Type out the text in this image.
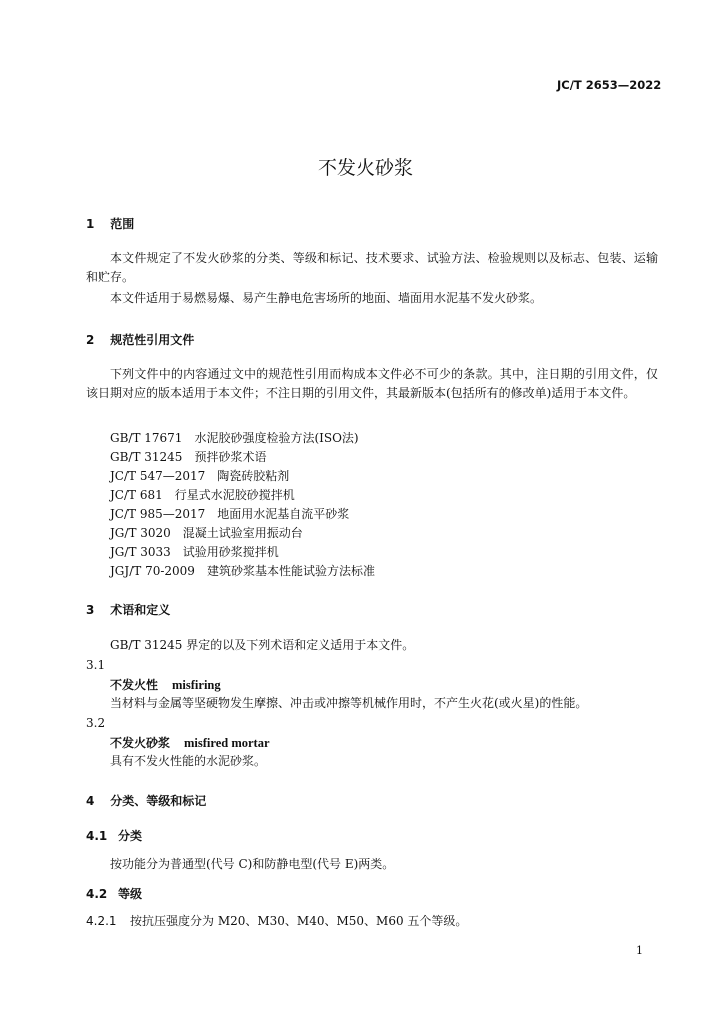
JC/T 2653—2022
不发火砂浆
1 范围
本文件规定了不发火砂浆的分类、等级和标记、技术要求、试验方法、检验规则以及标志、包装、运输和贮存。
本文件适用于易燃易爆、易产生静电危害场所的地面、墙面用水泥基不发火砂浆。
2 规范性引用文件
下列文件中的内容通过文中的规范性引用而构成本文件必不可少的条款。其中，注日期的引用文件，仅该日期对应的版本适用于本文件；不注日期的引用文件，其最新版本(包括所有的修改单)适用于本文件。
GB/T 17671 水泥胶砂强度检验方法(ISO法)
GB/T 31245 预拌砂浆术语
JC/T 547—2017 陶瓷砖胶粘剂
JC/T 681 行星式水泥胶砂搅拌机
JC/T 985—2017 地面用水泥基自流平砂浆
JG/T 3020 混凝土试验室用振动台
JG/T 3033 试验用砂浆搅拌机
JGJ/T 70-2009 建筑砂浆基本性能试验方法标准
3 术语和定义
GB/T 31245 界定的以及下列术语和定义适用于本文件。
3.1
不发火性 misfiring
当材料与金属等坚硬物发生摩擦、冲击或冲擦等机械作用时，不产生火花(或火星)的性能。
3.2
不发火砂浆 misfired mortar
具有不发火性能的水泥砂浆。
4 分类、等级和标记
4.1 分类
按功能分为普通型(代号 C)和防静电型(代号 E)两类。
4.2 等级
4.2.1 按抗压强度分为 M20、M30、M40、M50、M60 五个等级。
1
